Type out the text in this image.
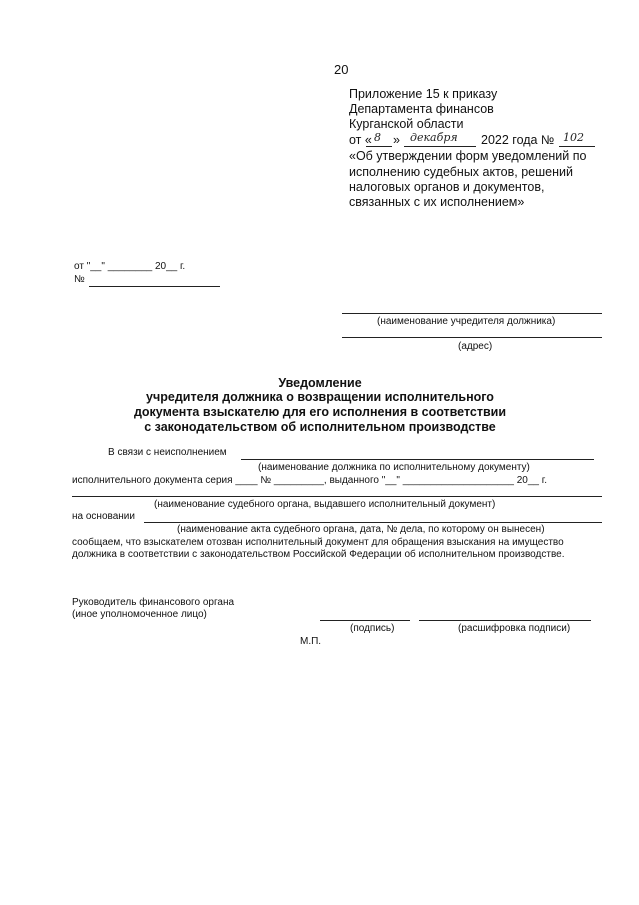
20
Приложение 15 к приказу
Департамента финансов
Курганской области
от « 8 » декабря 2022 года № 102
«Об утверждении форм уведомлений по
исполнению судебных актов, решений
налоговых органов и документов,
связанных с их исполнением»
от "__" ________ 20__ г.
№
(наименование учредителя должника)
(адрес)
Уведомление
учредителя должника о возвращении исполнительного
документа взыскателю для его исполнения в соответствии
с законодательством об исполнительном производстве
В связи с неисполнением
(наименование должника по исполнительному документу)
исполнительного документа серия ____ № _________, выданного "__" ____________________ 20__ г.
(наименование судебного органа, выдавшего исполнительный документ)
на основании
(наименование акта судебного органа, дата, № дела, по которому он вынесен)
сообщаем, что взыскателем отозван исполнительный документ для обращения взыскания на имущество
должника в соответствии с законодательством Российской Федерации об исполнительном производстве.
Руководитель финансового органа
(иное уполномоченное лицо)
(подпись)	(расшифровка подписи)
М.П.
